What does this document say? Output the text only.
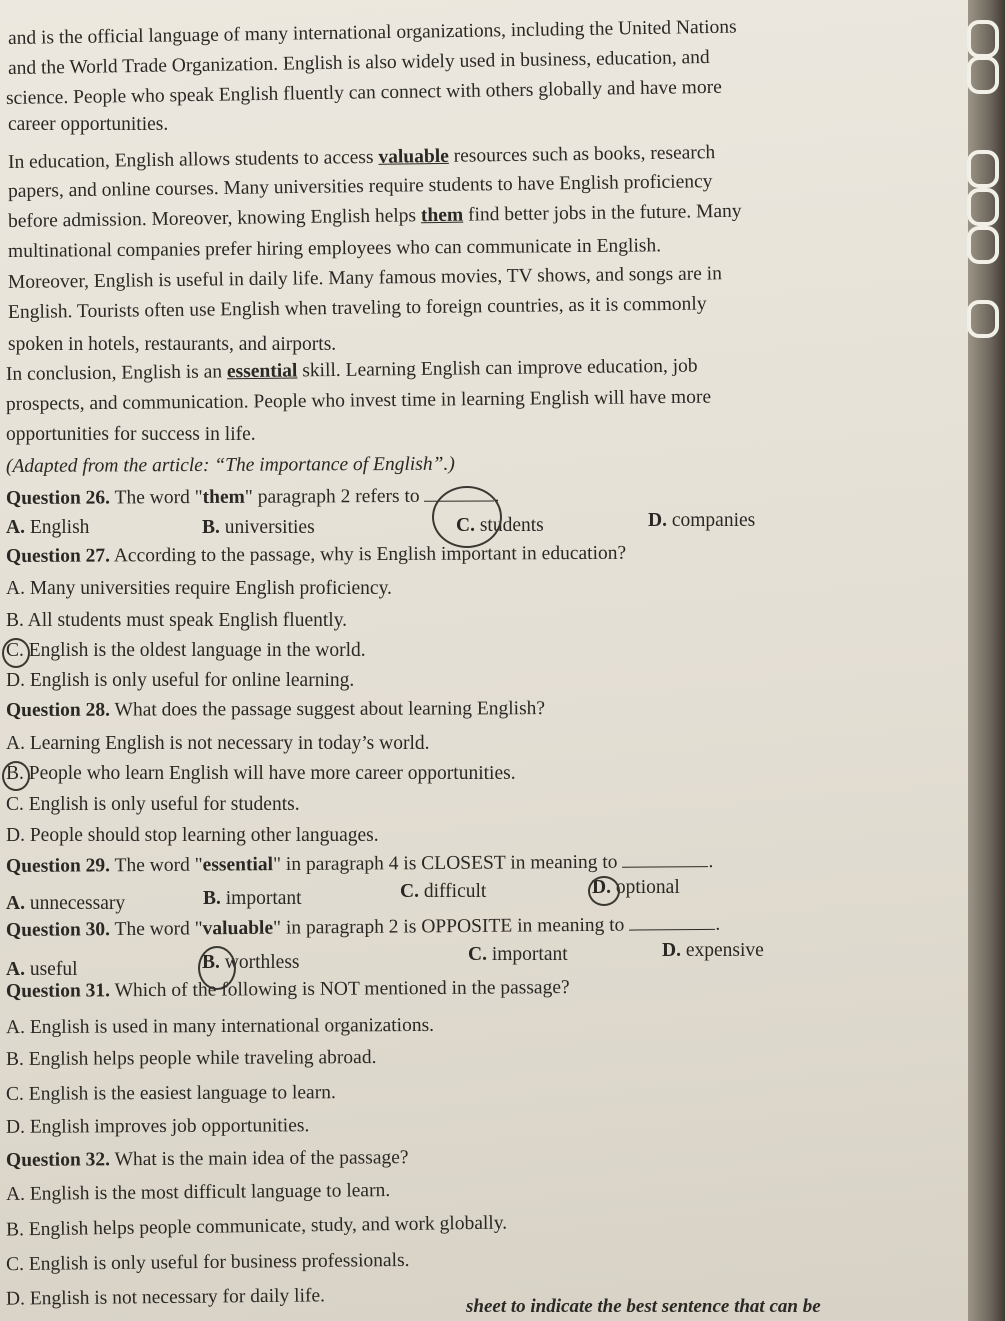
and is the official language of many international organizations, including the United Nations
and the World Trade Organization. English is also widely used in business, education, and
science. People who speak English fluently can connect with others globally and have more
career opportunities.
In education, English allows students to access valuable resources such as books, research
papers, and online courses. Many universities require students to have English proficiency
before admission. Moreover, knowing English helps them find better jobs in the future. Many
multinational companies prefer hiring employees who can communicate in English.
Moreover, English is useful in daily life. Many famous movies, TV shows, and songs are in
English. Tourists often use English when traveling to foreign countries, as it is commonly
spoken in hotels, restaurants, and airports.
In conclusion, English is an essential skill. Learning English can improve education, job
prospects, and communication. People who invest time in learning English will have more
opportunities for success in life.
(Adapted from the article: “The importance of English”.)
Question 26. The word "them" paragraph 2 refers to	.
A. English	B. universities	C. students	D. companies
Question 27. According to the passage, why is English important in education?
A. Many universities require English proficiency.
B. All students must speak English fluently.
C. English is the oldest language in the world.
D. English is only useful for online learning.
Question 28. What does the passage suggest about learning English?
A. Learning English is not necessary in today’s world.
B. People who learn English will have more career opportunities.
C. English is only useful for students.
D. People should stop learning other languages.
Question 29. The word "essential" in paragraph 4 is CLOSEST in meaning to	.
A. unnecessary	B. important	C. difficult	D. optional
Question 30. The word "valuable" in paragraph 2 is OPPOSITE in meaning to	.
A. useful	B. worthless	C. important	D. expensive
Question 31. Which of the following is NOT mentioned in the passage?
A. English is used in many international organizations.
B. English helps people while traveling abroad.
C. English is the easiest language to learn.
D. English improves job opportunities.
Question 32. What is the main idea of the passage?
A. English is the most difficult language to learn.
B. English helps people communicate, study, and work globally.
C. English is only useful for business professionals.
D. English is not necessary for daily life.	sheet to indicate the best sentence that can be
